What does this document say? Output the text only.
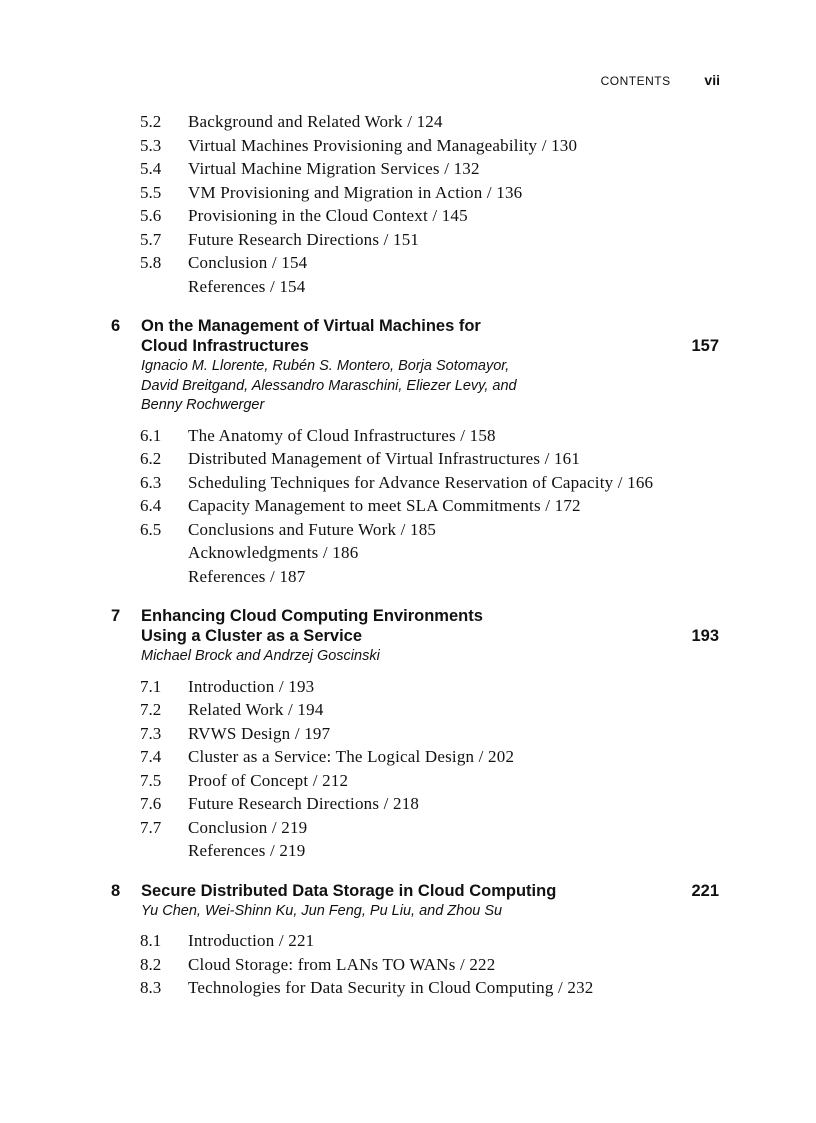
CONTENTS vii
5.2 Background and Related Work / 124
5.3 Virtual Machines Provisioning and Manageability / 130
5.4 Virtual Machine Migration Services / 132
5.5 VM Provisioning and Migration in Action / 136
5.6 Provisioning in the Cloud Context / 145
5.7 Future Research Directions / 151
5.8 Conclusion / 154
References / 154
6 On the Management of Virtual Machines for
Cloud Infrastructures	157
Ignacio M. Llorente, Rubén S. Montero, Borja Sotomayor,
David Breitgand, Alessandro Maraschini, Eliezer Levy, and
Benny Rochwerger
6.1 The Anatomy of Cloud Infrastructures / 158
6.2 Distributed Management of Virtual Infrastructures / 161
6.3 Scheduling Techniques for Advance Reservation of Capacity / 166
6.4 Capacity Management to meet SLA Commitments / 172
6.5 Conclusions and Future Work / 185
Acknowledgments / 186
References / 187
7 Enhancing Cloud Computing Environments
Using a Cluster as a Service	193
Michael Brock and Andrzej Goscinski
7.1 Introduction / 193
7.2 Related Work / 194
7.3 RVWS Design / 197
7.4 Cluster as a Service: The Logical Design / 202
7.5 Proof of Concept / 212
7.6 Future Research Directions / 218
7.7 Conclusion / 219
References / 219
8 Secure Distributed Data Storage in Cloud Computing	221
Yu Chen, Wei-Shinn Ku, Jun Feng, Pu Liu, and Zhou Su
8.1 Introduction / 221
8.2 Cloud Storage: from LANs TO WANs / 222
8.3 Technologies for Data Security in Cloud Computing / 232
